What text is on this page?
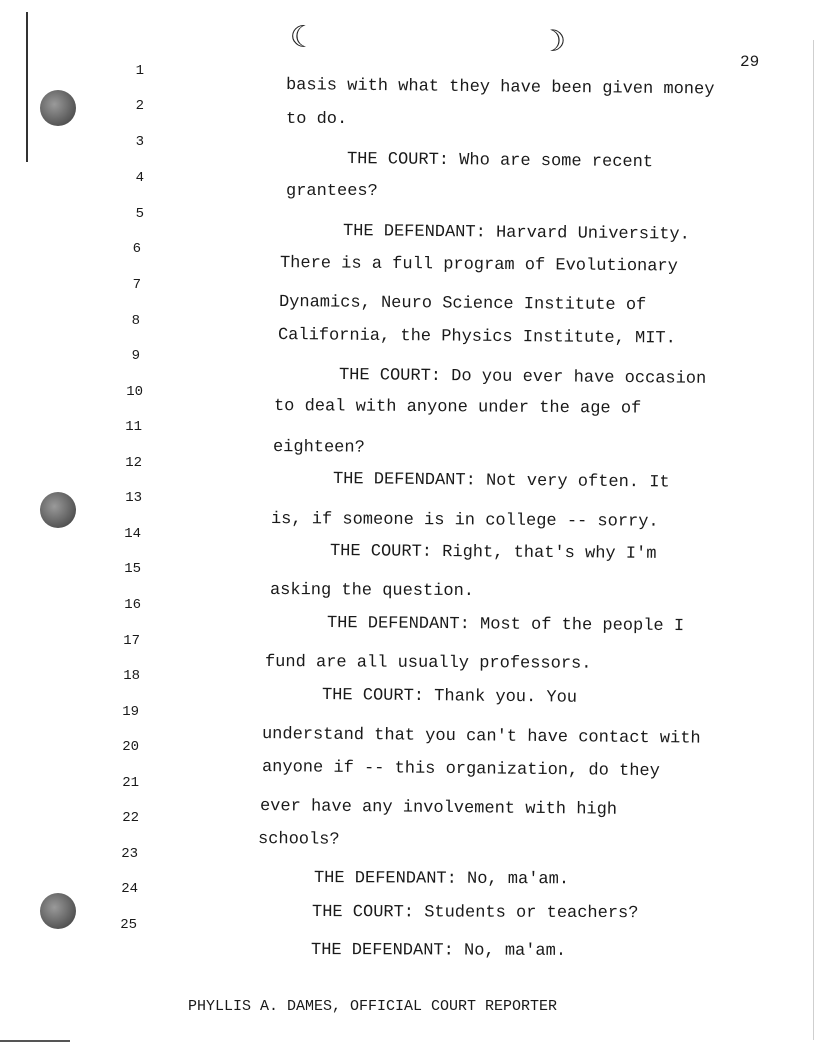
☾	☽
29
1
basis with what they have been given money
2
to do.
3
THE COURT: Who are some recent
4
grantees?
5
THE DEFENDANT: Harvard University.
6
There is a full program of Evolutionary
7
Dynamics, Neuro Science Institute of
8
California, the Physics Institute, MIT.
9
THE COURT: Do you ever have occasion
10
to deal with anyone under the age of
11
eighteen?
12
THE DEFENDANT: Not very often. It
13
is, if someone is in college -- sorry.
14
THE COURT: Right, that's why I'm
15
asking the question.
16
THE DEFENDANT: Most of the people I
17
fund are all usually professors.
18
THE COURT: Thank you. You
19
understand that you can't have contact with
20
anyone if -- this organization, do they
21
ever have any involvement with high
22
schools?
23
THE DEFENDANT: No, ma'am.
24
THE COURT: Students or teachers?
25
THE DEFENDANT: No, ma'am.
PHYLLIS A. DAMES, OFFICIAL COURT REPORTER
